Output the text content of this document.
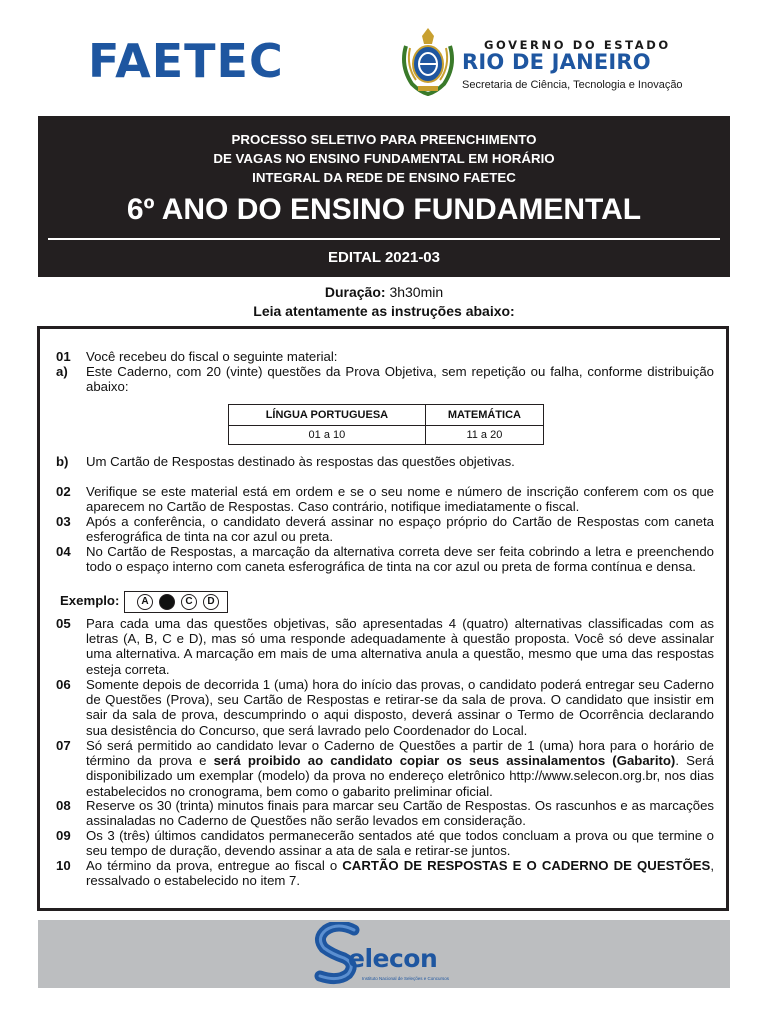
FAETEC	GOVERNO DO ESTADO
RIO DE JANEIRO
Secretaria de Ciência, Tecnologia e Inovação
PROCESSO SELETIVO PARA PREENCHIMENTO
DE VAGAS NO ENSINO FUNDAMENTAL EM HORÁRIO
INTEGRAL DA REDE DE ENSINO FAETEC
6º ANO DO ENSINO FUNDAMENTAL
EDITAL 2021-03
Duração: 3h30min
Leia atentamente as instruções abaixo:
01 Você recebeu do fiscal o seguinte material:
a) Este Caderno, com 20 (vinte) questões da Prova Objetiva, sem repetição ou falha, conforme distribuição abaixo:
LÍNGUA PORTUGUESA	MATEMÁTICA
01 a 10	11 a 20
b) Um Cartão de Respostas destinado às respostas das questões objetivas.
02 Verifique se este material está em ordem e se o seu nome e número de inscrição conferem com os que aparecem no Cartão de Respostas. Caso contrário, notifique imediatamente o fiscal.
03 Após a conferência, o candidato deverá assinar no espaço próprio do Cartão de Respostas com caneta esferográfica de tinta na cor azul ou preta.
04 No Cartão de Respostas, a marcação da alternativa correta deve ser feita cobrindo a letra e preenchendo todo o espaço interno com caneta esferográfica de tinta na cor azul ou preta de forma contínua e densa.
Exemplo:	A	C	D
05 Para cada uma das questões objetivas, são apresentadas 4 (quatro) alternativas classificadas com as letras (A, B, C e D), mas só uma responde adequadamente à questão proposta. Você só deve assinalar uma alternativa. A marcação em mais de uma alternativa anula a questão, mesmo que uma das respostas esteja correta.
06 Somente depois de decorrida 1 (uma) hora do início das provas, o candidato poderá entregar seu Caderno de Questões (Prova), seu Cartão de Respostas e retirar-se da sala de prova. O candidato que insistir em sair da sala de prova, descumprindo o aqui disposto, deverá assinar o Termo de Ocorrência declarando sua desistência do Concurso, que será lavrado pelo Coordenador do Local.
07 Só será permitido ao candidato levar o Caderno de Questões a partir de 1 (uma) hora para o horário de término da prova e será proibido ao candidato copiar os seus assinalamentos (Gabarito). Será disponibilizado um exemplar (modelo) da prova no endereço eletrônico http://www.selecon.org.br, nos dias estabelecidos no cronograma, bem como o gabarito preliminar oficial.
08 Reserve os 30 (trinta) minutos finais para marcar seu Cartão de Respostas. Os rascunhos e as marcações assinaladas no Caderno de Questões não serão levados em consideração.
09 Os 3 (três) últimos candidatos permanecerão sentados até que todos concluam a prova ou que termine o seu tempo de duração, devendo assinar a ata de sala e retirar-se juntos.
10 Ao término da prova, entregue ao fiscal o CARTÃO DE RESPOSTAS E O CADERNO DE QUESTÕES, ressalvado o estabelecido no item 7.
elecon
Instituto Nacional de Seleções e Concursos
